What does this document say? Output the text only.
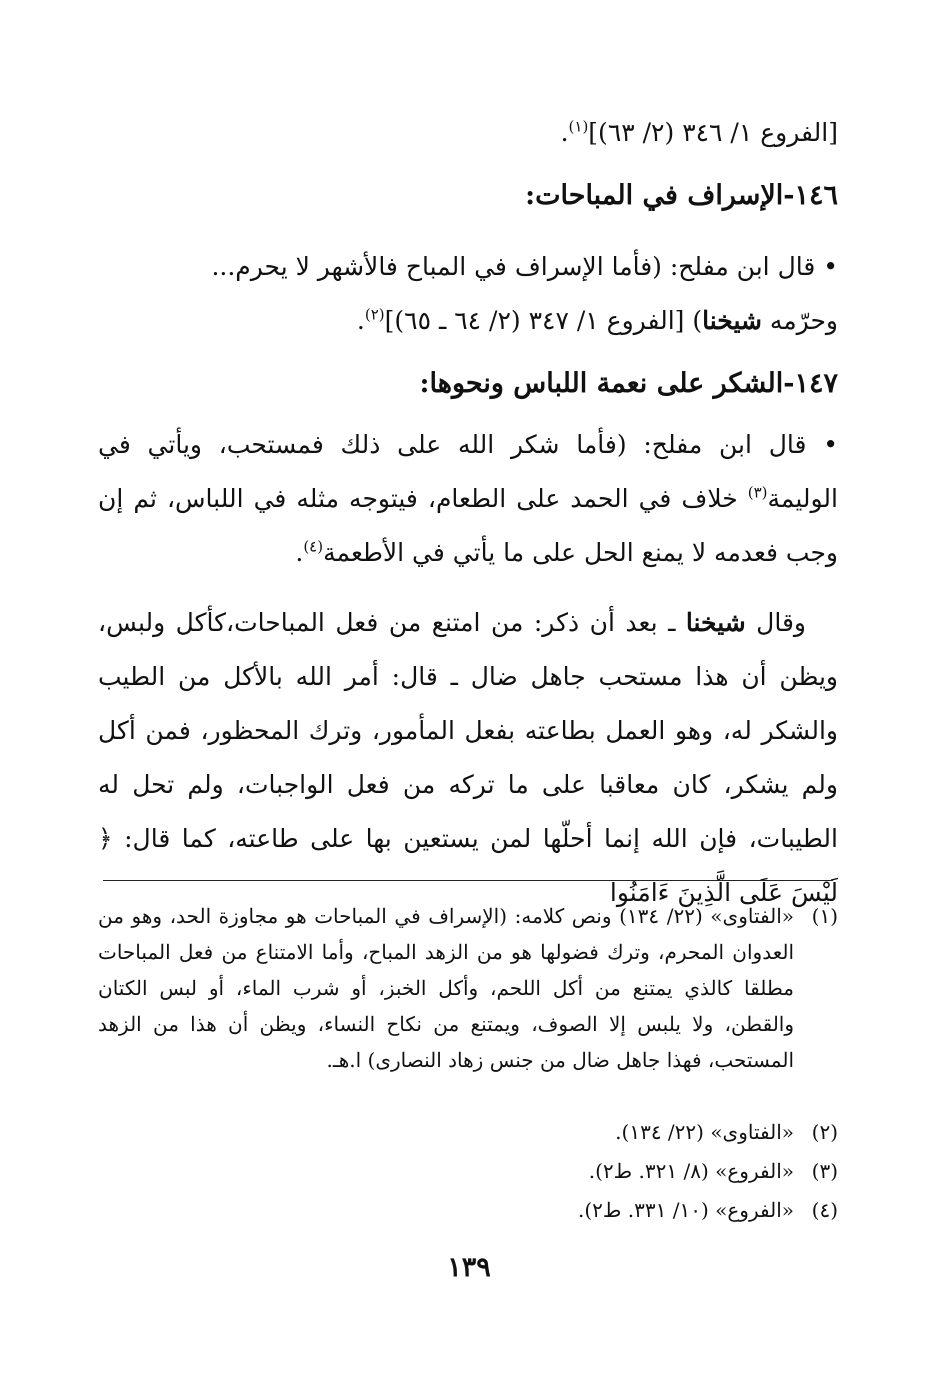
[الفروع ١/ ٣٤٦ (٢/ ٦٣)]$^{(١)}$.
١٤٦-الإسراف في المباحات:
• قال ابن مفلح: (فأما الإسراف في المباح فالأشهر لا يحرم...
وحرّمه شيخنا) [الفروع ١/ ٣٤٧ (٢/ ٦٤ ـ ٦٥)]$^{(٢)}$.
١٤٧-الشكر على نعمة اللباس ونحوها:
• قال ابن مفلح: (فأما شكر الله على ذلك فمستحب، ويأتي في الوليمة$^{(٣)}$ خلاف في الحمد على الطعام، فيتوجه مثله في اللباس، ثم إن وجب فعدمه لا يمنع الحل على ما يأتي في الأطعمة$^{(٤)}$.
وقال شيخنا ـ بعد أن ذكر: من امتنع من فعل المباحات،كأكل ولبس، ويظن أن هذا مستحب جاهل ضال ـ قال: أمر الله بالأكل من الطيب والشكر له، وهو العمل بطاعته بفعل المأمور، وترك المحظور، فمن أكل ولم يشكر، كان معاقبا على ما تركه من فعل الواجبات، ولم تحل له الطيبات، فإن الله إنما أحلّها لمن يستعين بها على طاعته، كما قال: ﴿ لَيْسَ عَلَى الَّذِينَ ءَامَنُوا
(١)
«الفتاوى» (٢٢/ ١٣٤) ونص كلامه: (الإسراف في المباحات هو مجاوزة الحد، وهو من العدوان المحرم، وترك فضولها هو من الزهد المباح، وأما الامتناع من فعل المباحات مطلقا كالذي يمتنع من أكل اللحم، وأكل الخبز، أو شرب الماء، أو لبس الكتان والقطن، ولا يلبس إلا الصوف، ويمتنع من نكاح النساء، ويظن أن هذا من الزهد المستحب، فهذا جاهل ضال من جنس زهاد النصارى) ا.هـ.
(٢)
«الفتاوى» (٢٢/ ١٣٤).
(٣)
«الفروع» (٨/ ٣٢١. ط٢).
(٤)
«الفروع» (١٠/ ٣٣١. ط٢).
١٣٩
